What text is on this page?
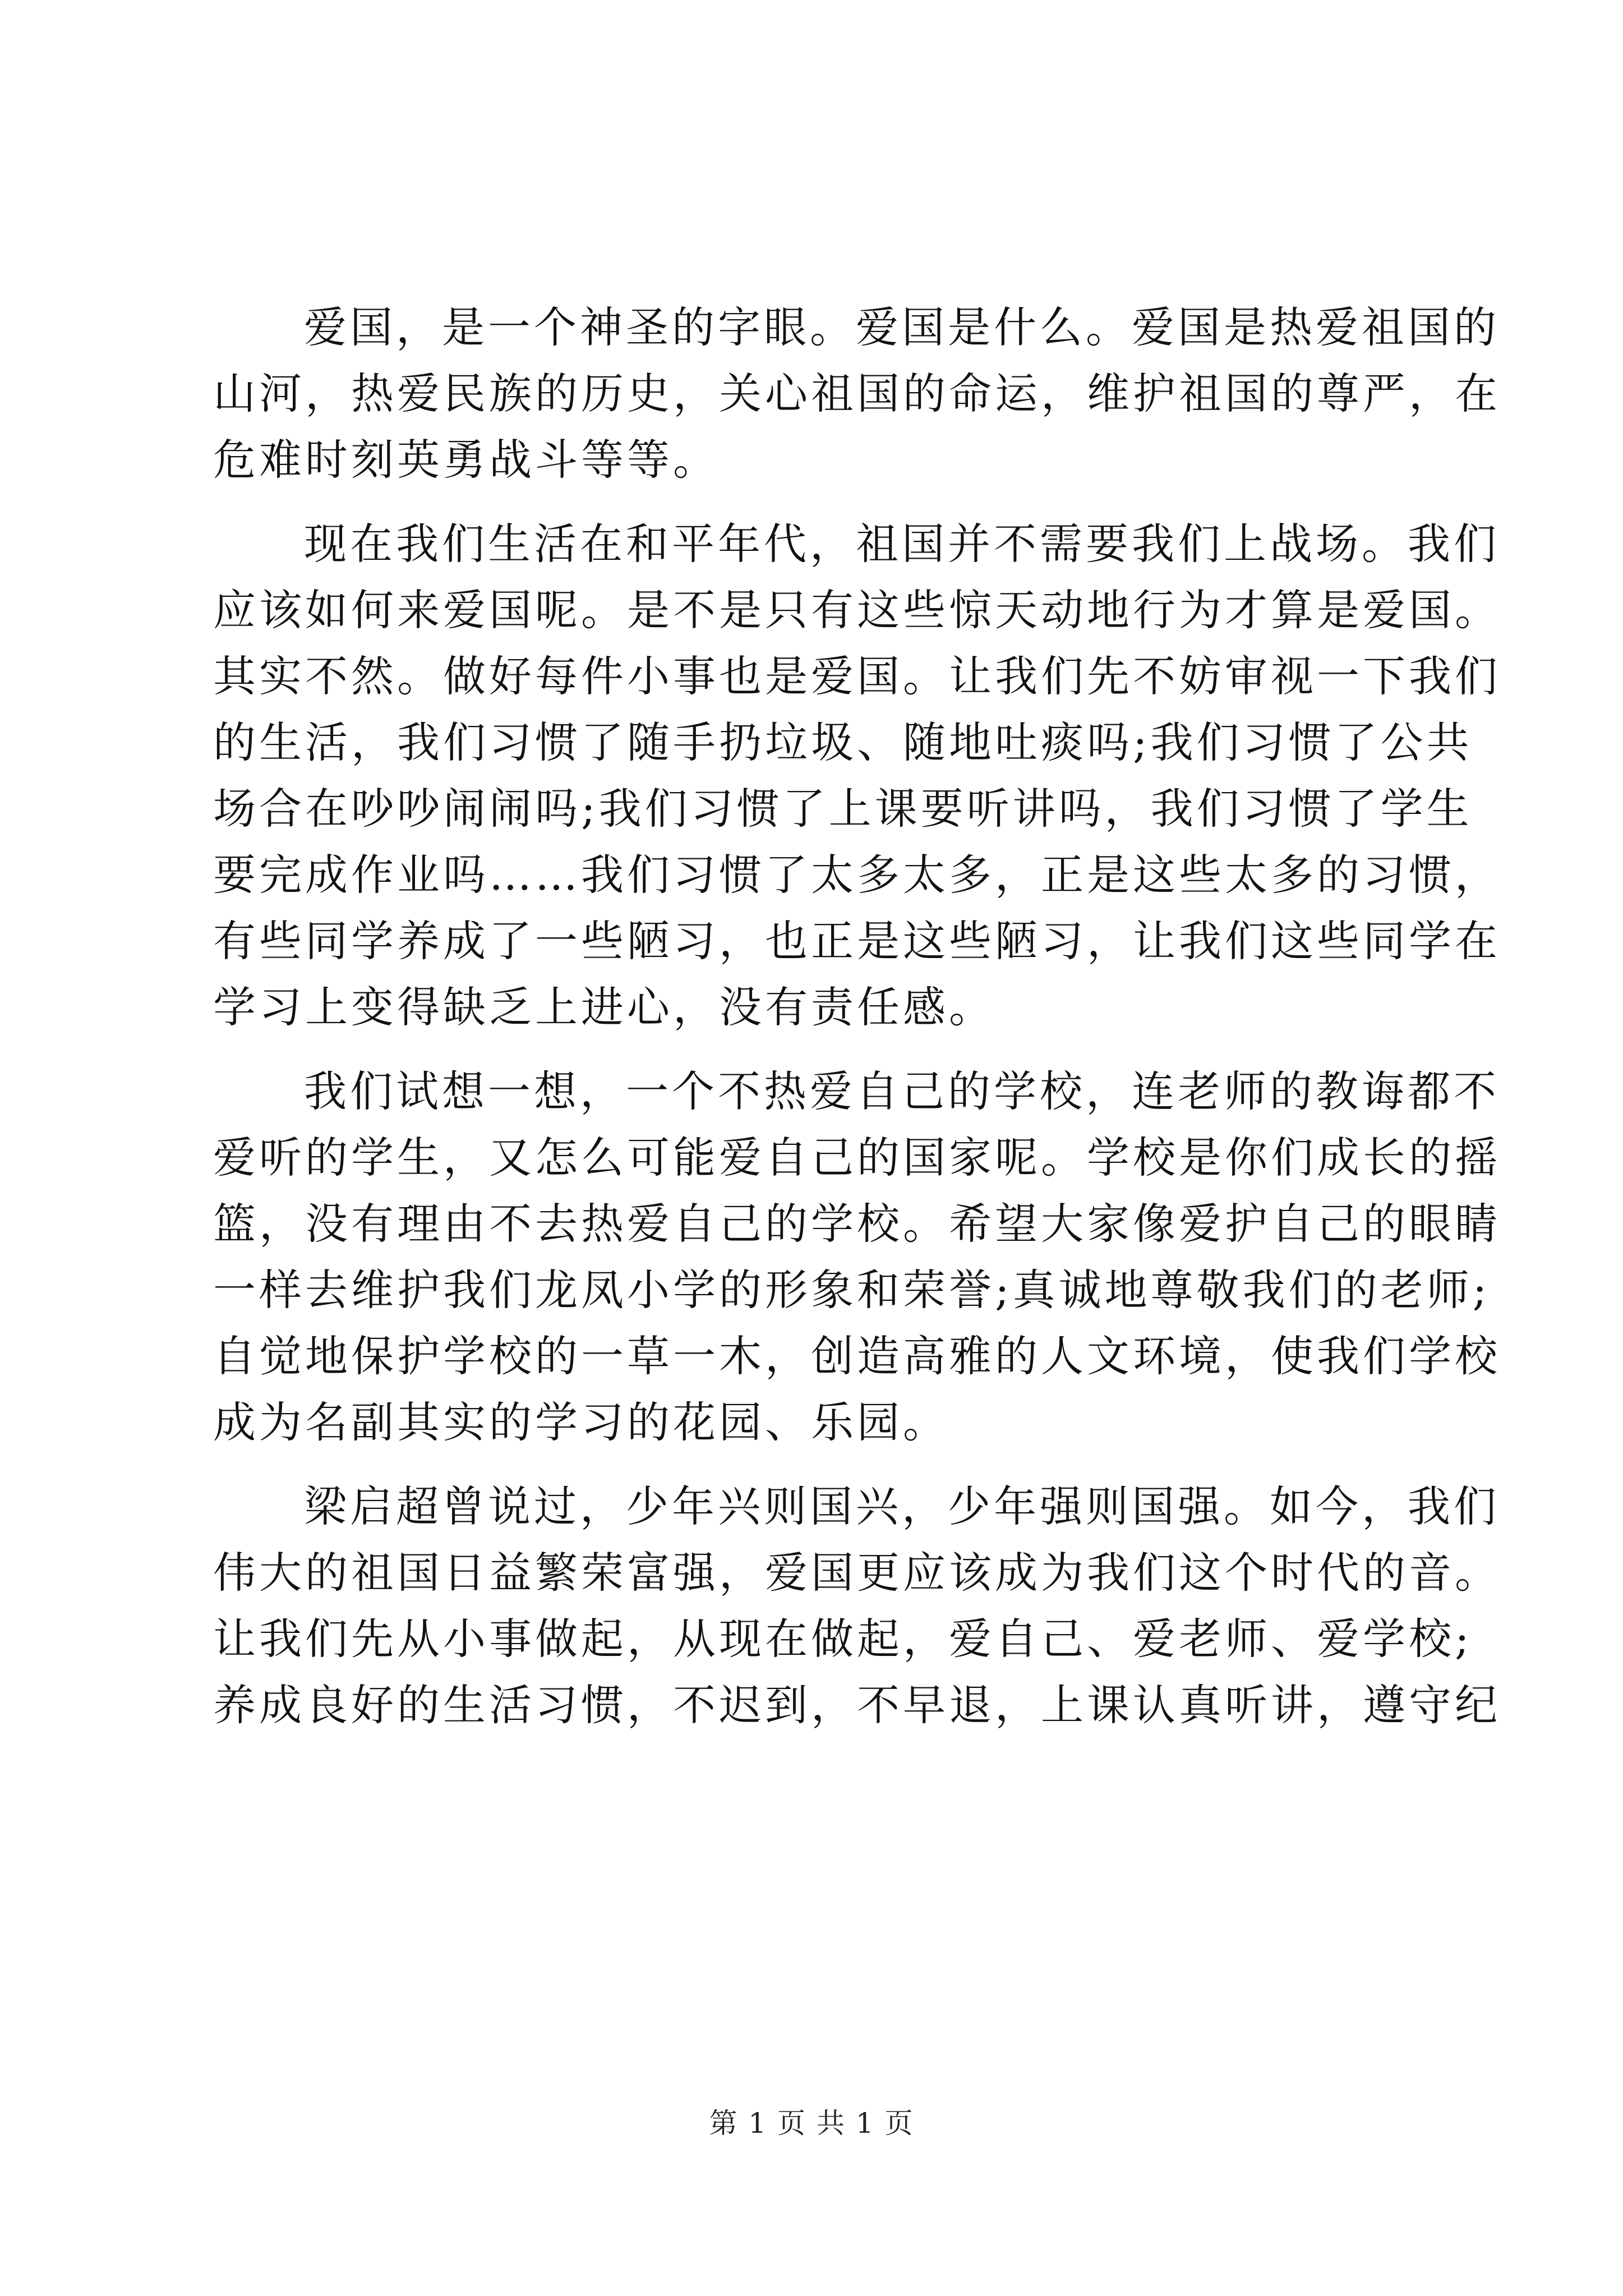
爱国，是一个神圣的字眼。爱国是什么。爱国是热爱祖国的
山河，热爱民族的历史，关心祖国的命运，维护祖国的尊严，在
危难时刻英勇战斗等等。
现在我们生活在和平年代，祖国并不需要我们上战场。我们
应该如何来爱国呢。是不是只有这些惊天动地行为才算是爱国。
其实不然。做好每件小事也是爱国。让我们先不妨审视一下我们
的生活，我们习惯了随手扔垃圾、随地吐痰吗;我们习惯了公共
场合在吵吵闹闹吗;我们习惯了上课要听讲吗，我们习惯了学生
要完成作业吗……我们习惯了太多太多，正是这些太多的习惯，
有些同学养成了一些陋习，也正是这些陋习，让我们这些同学在
学习上变得缺乏上进心，没有责任感。
我们试想一想，一个不热爱自己的学校，连老师的教诲都不
爱听的学生，又怎么可能爱自己的国家呢。学校是你们成长的摇
篮，没有理由不去热爱自己的学校。希望大家像爱护自己的眼睛
一样去维护我们龙凤小学的形象和荣誉;真诚地尊敬我们的老师;
自觉地保护学校的一草一木，创造高雅的人文环境，使我们学校
成为名副其实的学习的花园、乐园。
梁启超曾说过，少年兴则国兴，少年强则国强。如今，我们
伟大的祖国日益繁荣富强，爱国更应该成为我们这个时代的音。
让我们先从小事做起，从现在做起，爱自己、爱老师、爱学校;
养成良好的生活习惯，不迟到，不早退，上课认真听讲，遵守纪
第 1 页 共 1 页
